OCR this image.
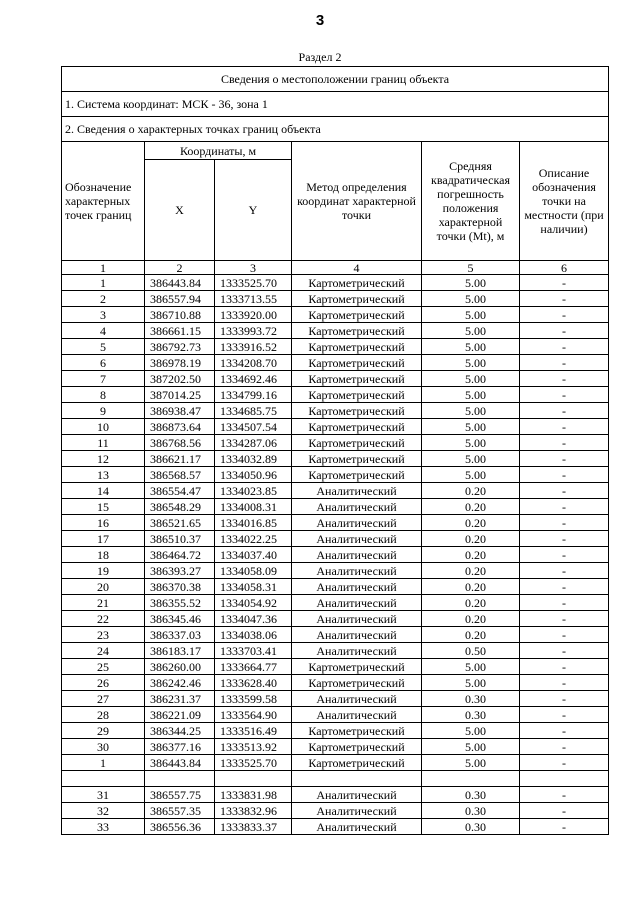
3
Раздел 2
Сведения о местоположении границ объекта					
1. Система координат: МСК - 36, зона 1					
2. Сведения о характерных точках границ объекта					
Обозначение характерных точек границ	Координаты, м		Метод определения координат характерной точки	Средняя квадратическая погрешность положения характерной точки (Mt), м	Описание обозначения точки на местности (при наличии)
	X	Y			
1	2	3	4	5	6
1	386443.84	1333525.70	Картометрический	5.00	-
2	386557.94	1333713.55	Картометрический	5.00	-
3	386710.88	1333920.00	Картометрический	5.00	-
4	386661.15	1333993.72	Картометрический	5.00	-
5	386792.73	1333916.52	Картометрический	5.00	-
6	386978.19	1334208.70	Картометрический	5.00	-
7	387202.50	1334692.46	Картометрический	5.00	-
8	387014.25	1334799.16	Картометрический	5.00	-
9	386938.47	1334685.75	Картометрический	5.00	-
10	386873.64	1334507.54	Картометрический	5.00	-
11	386768.56	1334287.06	Картометрический	5.00	-
12	386621.17	1334032.89	Картометрический	5.00	-
13	386568.57	1334050.96	Картометрический	5.00	-
14	386554.47	1334023.85	Аналитический	0.20	-
15	386548.29	1334008.31	Аналитический	0.20	-
16	386521.65	1334016.85	Аналитический	0.20	-
17	386510.37	1334022.25	Аналитический	0.20	-
18	386464.72	1334037.40	Аналитический	0.20	-
19	386393.27	1334058.09	Аналитический	0.20	-
20	386370.38	1334058.31	Аналитический	0.20	-
21	386355.52	1334054.92	Аналитический	0.20	-
22	386345.46	1334047.36	Аналитический	0.20	-
23	386337.03	1334038.06	Аналитический	0.20	-
24	386183.17	1333703.41	Аналитический	0.50	-
25	386260.00	1333664.77	Картометрический	5.00	-
26	386242.46	1333628.40	Картометрический	5.00	-
27	386231.37	1333599.58	Аналитический	0.30	-
28	386221.09	1333564.90	Аналитический	0.30	-
29	386344.25	1333516.49	Картометрический	5.00	-
30	386377.16	1333513.92	Картометрический	5.00	-
1	386443.84	1333525.70	Картометрический	5.00	-

31	386557.75	1333831.98	Аналитический	0.30	-
32	386557.35	1333832.96	Аналитический	0.30	-
33	386556.36	1333833.37	Аналитический	0.30	-
